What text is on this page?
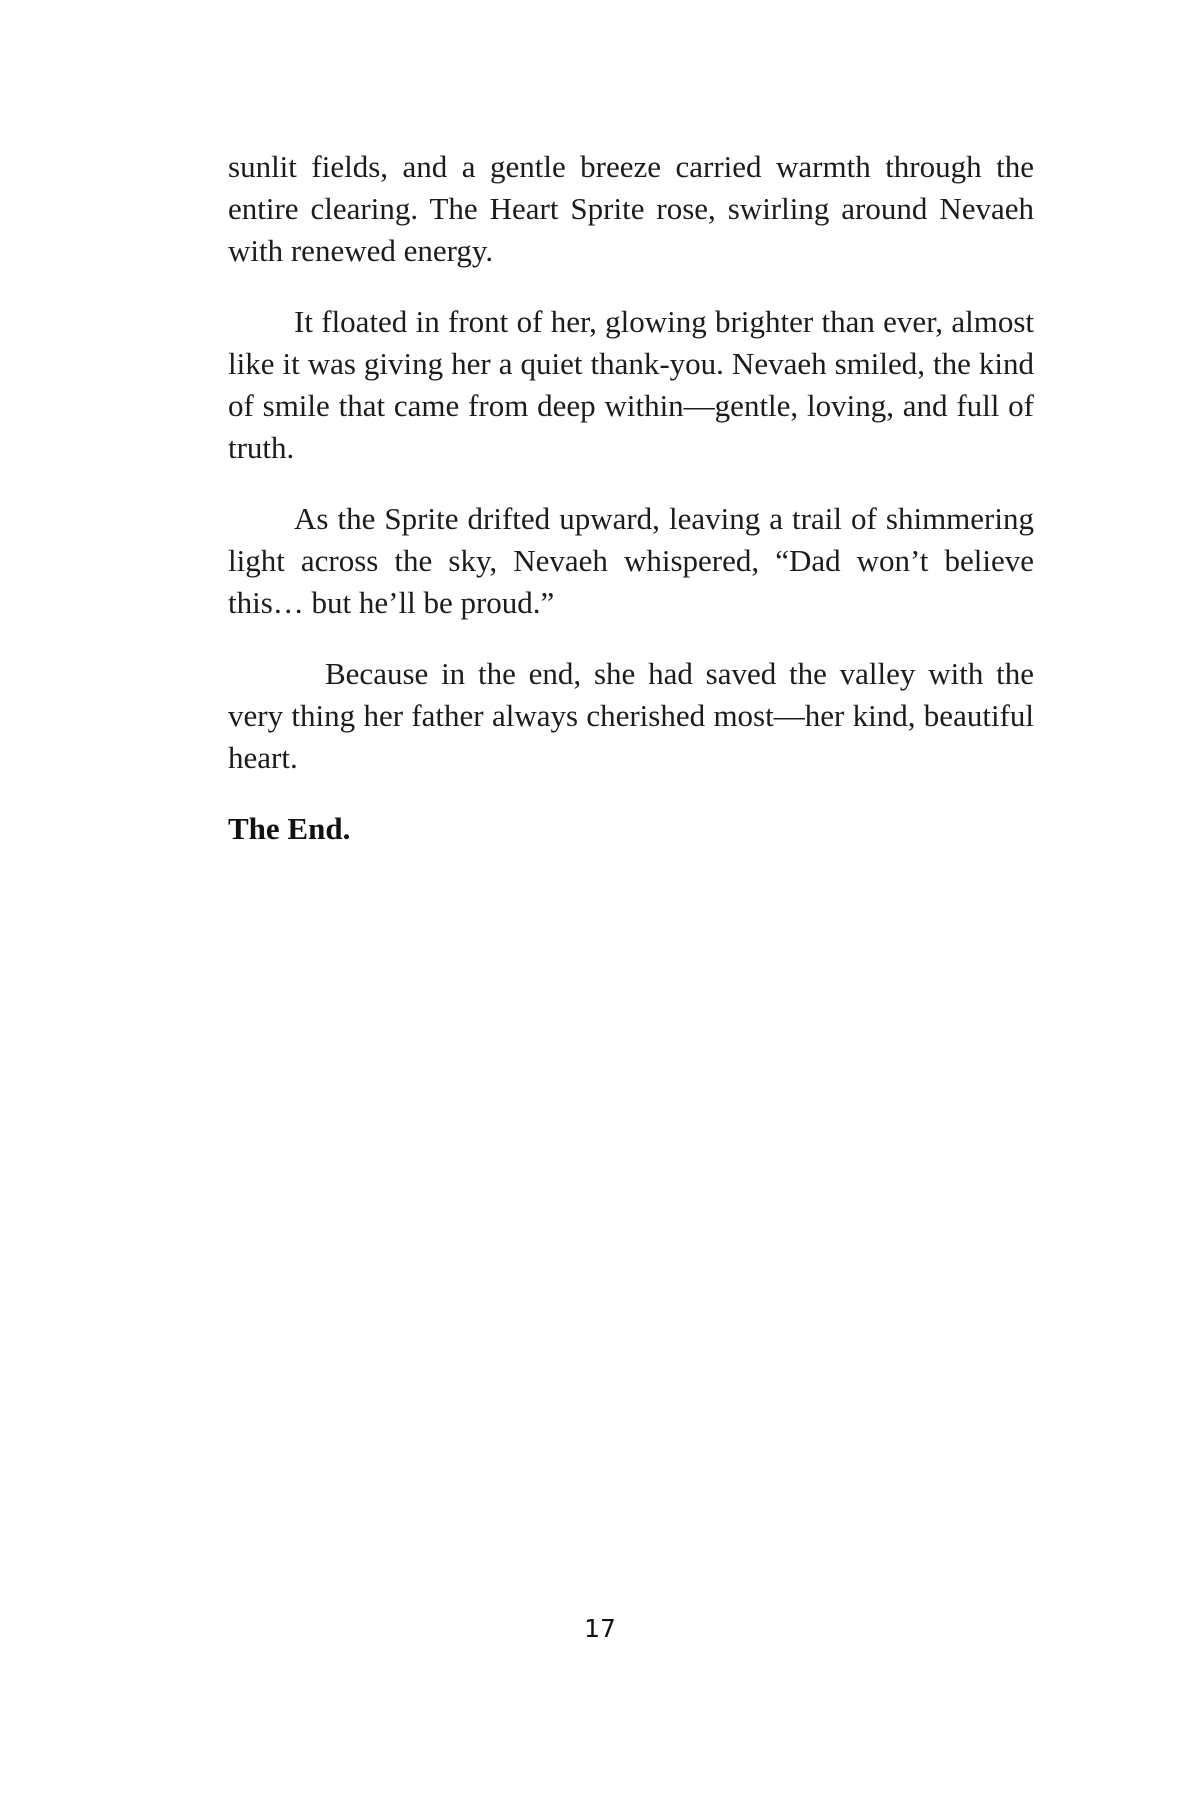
sunlit fields, and a gentle breeze carried warmth through the entire clearing. The Heart Sprite rose, swirling around Nevaeh with renewed energy.

It floated in front of her, glowing brighter than ever, almost like it was giving her a quiet thank-you. Nevaeh smiled, the kind of smile that came from deep within—gentle, loving, and full of truth.

As the Sprite drifted upward, leaving a trail of shimmering light across the sky, Nevaeh whispered, “Dad won’t believe this… but he’ll be proud.”

Because in the end, she had saved the valley with the very thing her father always cherished most—her kind, beautiful heart.

The End.

17
